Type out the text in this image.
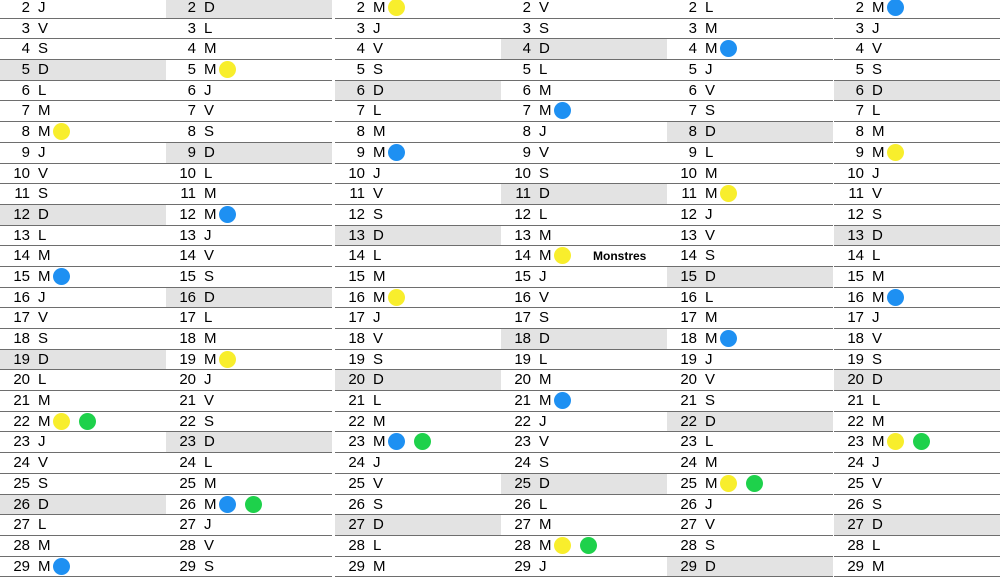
2 J
3 V
4 S
5 D
6 L
7 M
8 M
9 J
10 V
11 S
12 D
13 L
14 M
15 M
16 J
17 V
18 S
19 D
20 L
21 M
22 M
23 J
24 V
25 S
26 D
27 L
28 M
29 M
2 D
3 L
4 M
5 M
6 J
7 V
8 S
9 D
10 L
11 M
12 M
13 J
14 V
15 S
16 D
17 L
18 M
19 M
20 J
21 V
22 S
23 D
24 L
25 M
26 M
27 J
28 V
29 S
2 M
3 J
4 V
5 S
6 D
7 L
8 M
9 M
10 J
11 V
12 S
13 D
14 L
15 M
16 M
17 J
18 V
19 S
20 D
21 L
22 M
23 M
24 J
25 V
26 S
27 D
28 L
29 M
2 V
3 S
4 D
5 L
6 M
7 M
8 J
9 V
10 S
11 D
12 L
13 M
14 M	Monstres
15 J
16 V
17 S
18 D
19 L
20 M
21 M
22 J
23 V
24 S
25 D
26 L
27 M
28 M
29 J
2 L
3 M
4 M
5 J
6 V
7 S
8 D
9 L
10 M
11 M
12 J
13 V
14 S
15 D
16 L
17 M
18 M
19 J
20 V
21 S
22 D
23 L
24 M
25 M
26 J
27 V
28 S
29 D
2 M
3 J
4 V
5 S
6 D
7 L
8 M
9 M
10 J
11 V
12 S
13 D
14 L
15 M
16 M
17 J
18 V
19 S
20 D
21 L
22 M
23 M
24 J
25 V
26 S
27 D
28 L
29 M
